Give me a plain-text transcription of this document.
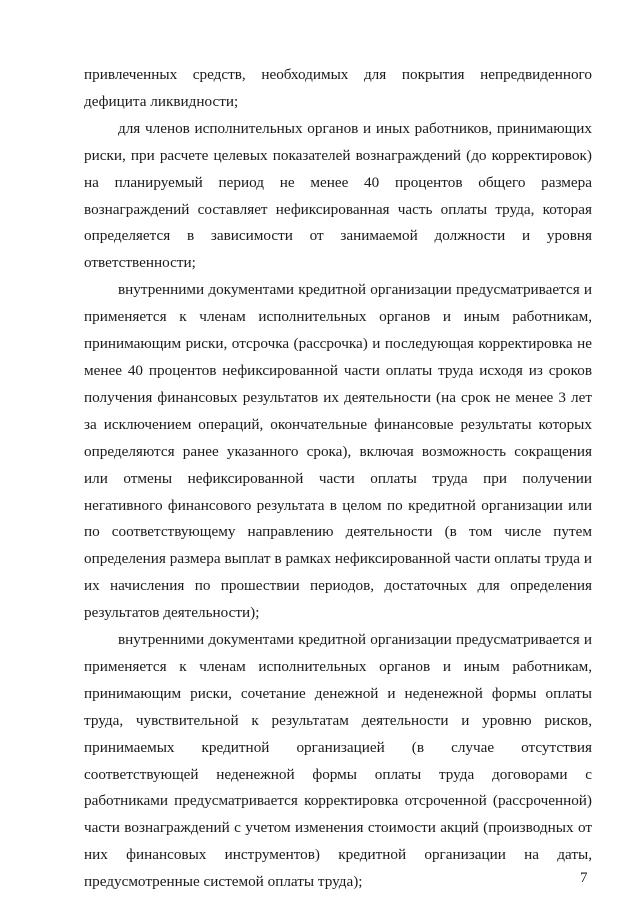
привлеченных средств, необходимых для покрытия непредвиденного дефицита ликвидности;

для членов исполнительных органов и иных работников, принимающих риски, при расчете целевых показателей вознаграждений (до корректировок) на планируемый период не менее 40 процентов общего размера вознаграждений составляет нефиксированная часть оплаты труда, которая определяется в зависимости от занимаемой должности и уровня ответственности;

внутренними документами кредитной организации предусматривается и применяется к членам исполнительных органов и иным работникам, принимающим риски, отсрочка (рассрочка) и последующая корректировка не менее 40 процентов нефиксированной части оплаты труда исходя из сроков получения финансовых результатов их деятельности (на срок не менее 3 лет за исключением операций, окончательные финансовые результаты которых определяются ранее указанного срока), включая возможность сокращения или отмены нефиксированной части оплаты труда при получении негативного финансового результата в целом по кредитной организации или по соответствующему направлению деятельности (в том числе путем определения размера выплат в рамках нефиксированной части оплаты труда и их начисления по прошествии периодов, достаточных для определения результатов деятельности);

внутренними документами кредитной организации предусматривается и применяется к членам исполнительных органов и иным работникам, принимающим риски, сочетание денежной и неденежной формы оплаты труда, чувствительной к результатам деятельности и уровню рисков, принимаемых кредитной организацией (в случае отсутствия соответствующей неденежной формы оплаты труда договорами с работниками предусматривается корректировка отсроченной (рассроченной) части вознаграждений с учетом изменения стоимости акций (производных от них финансовых инструментов) кредитной организации на даты, предусмотренные системой оплаты труда);	7
